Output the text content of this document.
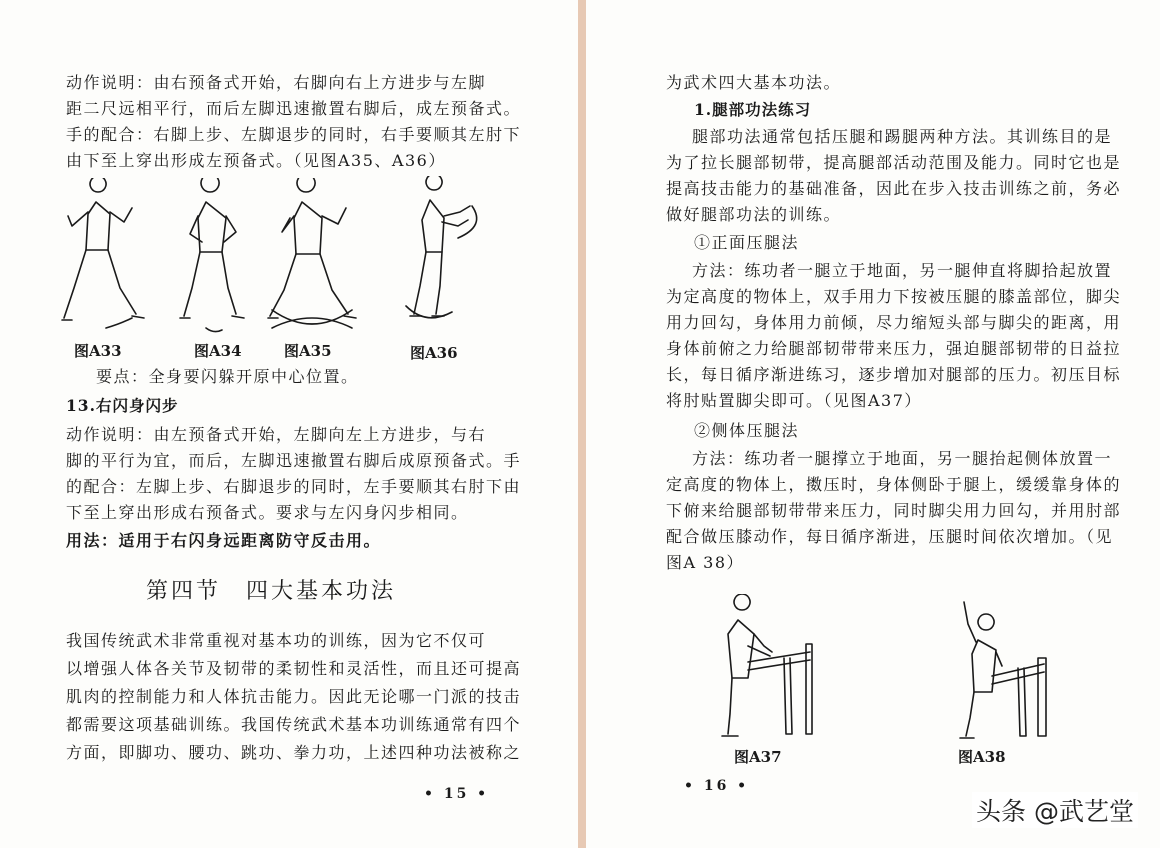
动作说明：由右预备式开始，右脚向右上方进步与左脚
距二尺远相平行，而后左脚迅速撤置右脚后，成左预备式。
手的配合：右脚上步、左脚退步的同时，右手要顺其左肘下
由下至上穿出形成左预备式。（见图A35、A36）
图A33	图A34	图A35	图A36
要点：全身要闪躲开原中心位置。
13.右闪身闪步
动作说明：由左预备式开始，左脚向左上方进步，与右
脚的平行为宜，而后，左脚迅速撤置右脚后成原预备式。手
的配合：左脚上步、右脚退步的同时，左手要顺其右肘下由
下至上穿出形成右预备式。要求与左闪身闪步相同。
用法：适用于右闪身远距离防守反击用。
第四节　四大基本功法
我国传统武术非常重视对基本功的训练，因为它不仅可
以增强人体各关节及韧带的柔韧性和灵活性，而且还可提高
肌肉的控制能力和人体抗击能力。因此无论哪一门派的技击
都需要这项基础训练。我国传统武术基本功训练通常有四个
方面，即脚功、腰功、跳功、拳力功，上述四种功法被称之
• 15 •
为武术四大基本功法。
1.腿部功法练习
腿部功法通常包括压腿和踢腿两种方法。其训练目的是
为了拉长腿部韧带，提高腿部活动范围及能力。同时它也是
提高技击能力的基础准备，因此在步入技击训练之前，务必
做好腿部功法的训练。
①正面压腿法
方法：练功者一腿立于地面，另一腿伸直将脚拾起放置
为定高度的物体上，双手用力下按被压腿的膝盖部位，脚尖
用力回勾，身体用力前倾，尽力缩短头部与脚尖的距离，用
身体前俯之力给腿部韧带带来压力，强迫腿部韧带的日益拉
长，每日循序渐进练习，逐步增加对腿部的压力。初压目标
将肘贴置脚尖即可。（见图A37）
②侧体压腿法
方法：练功者一腿撑立于地面，另一腿抬起侧体放置一
定高度的物体上，擞压时，身体侧卧于腿上，缓缓靠身体的
下俯来给腿部韧带带来压力，同时脚尖用力回勾，并用肘部
配合做压膝动作，每日循序渐进，压腿时间依次增加。（见
图A 38）
图A37	图A38
• 16 •
头条 @武艺堂
